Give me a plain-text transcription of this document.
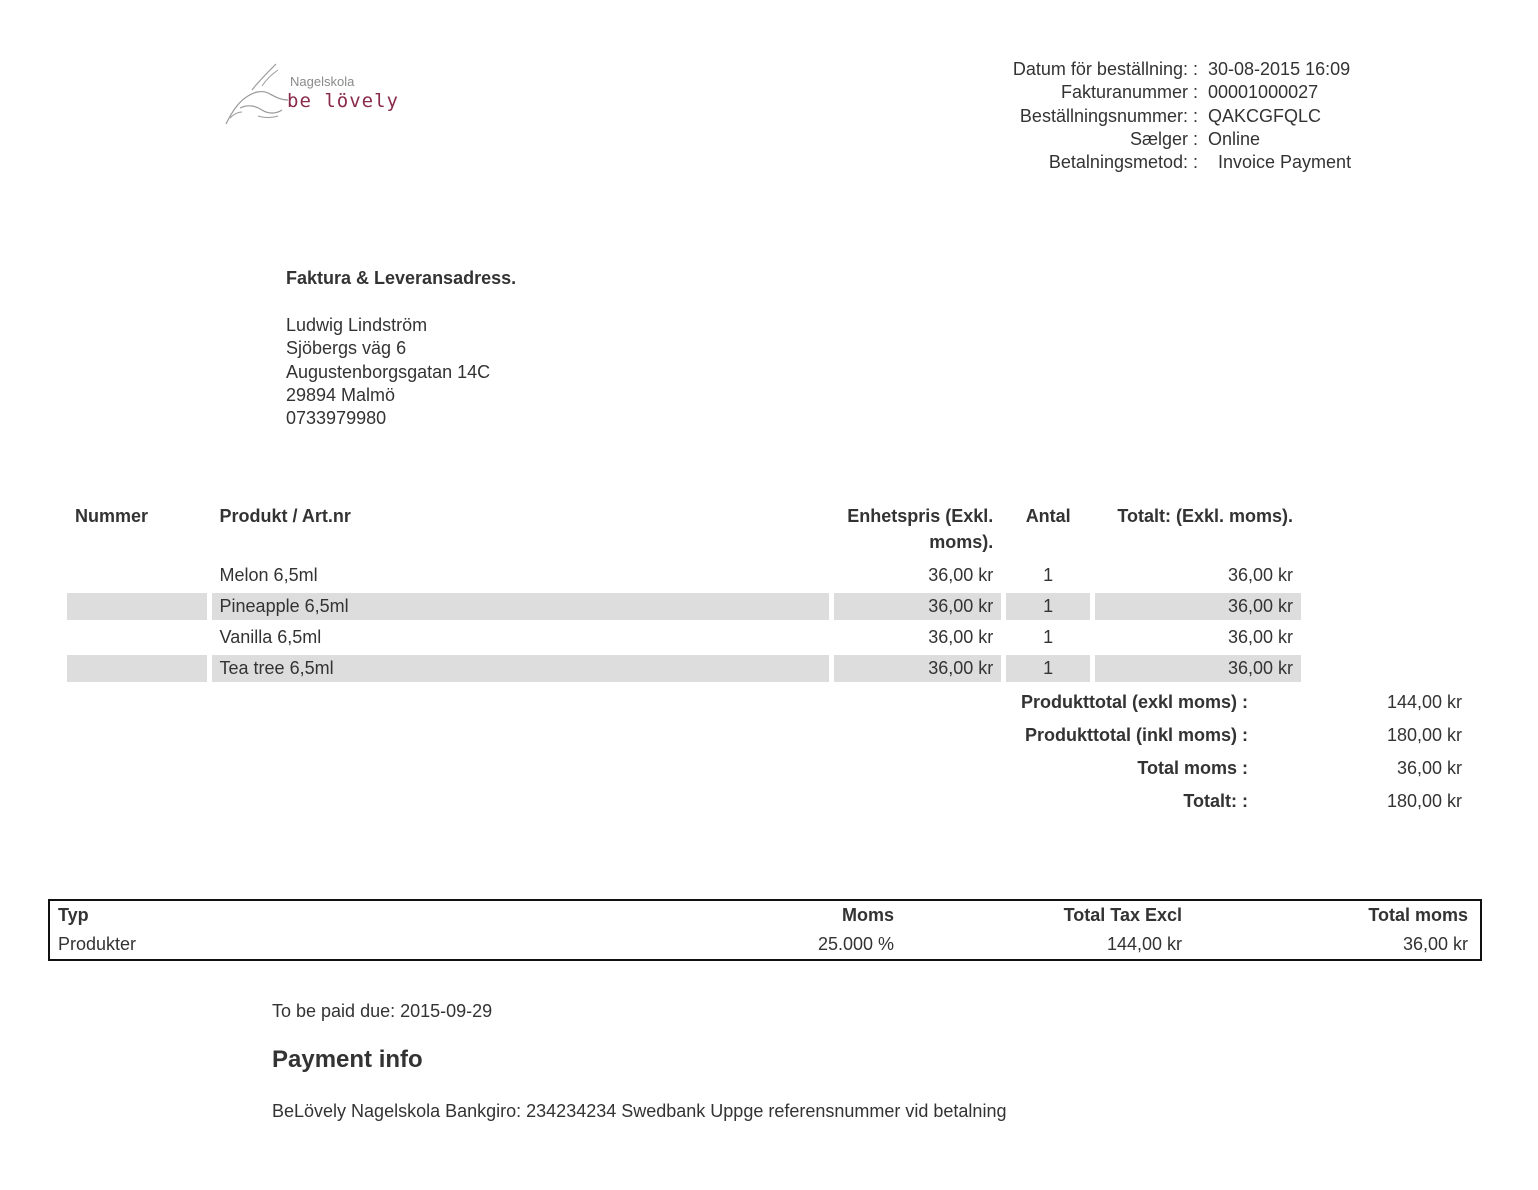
Nagelskola
be lövely
Datum för beställning: : 30-08-2015 16:09
Fakturanummer : 00001000027
Beställningsnummer: : QAKCGFQLC
Sælger : Online
Betalningsmetod: : Invoice Payment
Faktura & Leveransadress.
Ludwig Lindström
Sjöbergs väg 6
Augustenborgsgatan 14C
29894 Malmö
0733979980
Nummer	Produkt / Art.nr	Enhetspris (Exkl. moms).	Antal	Totalt: (Exkl. moms).
	Melon 6,5ml	36,00 kr	1	36,00 kr
	Pineapple 6,5ml	36,00 kr	1	36,00 kr
	Vanilla 6,5ml	36,00 kr	1	36,00 kr
	Tea tree 6,5ml	36,00 kr	1	36,00 kr
Produkttotal (exkl moms) :	144,00 kr
Produkttotal (inkl moms) :	180,00 kr
Total moms :	36,00 kr
Totalt: :	180,00 kr
Typ	Moms	Total Tax Excl	Total moms
Produkter	25.000 %	144,00 kr	36,00 kr
To be paid due: 2015-09-29
Payment info
BeLövely Nagelskola Bankgiro: 234234234 Swedbank Uppge referensnummer vid betalning
